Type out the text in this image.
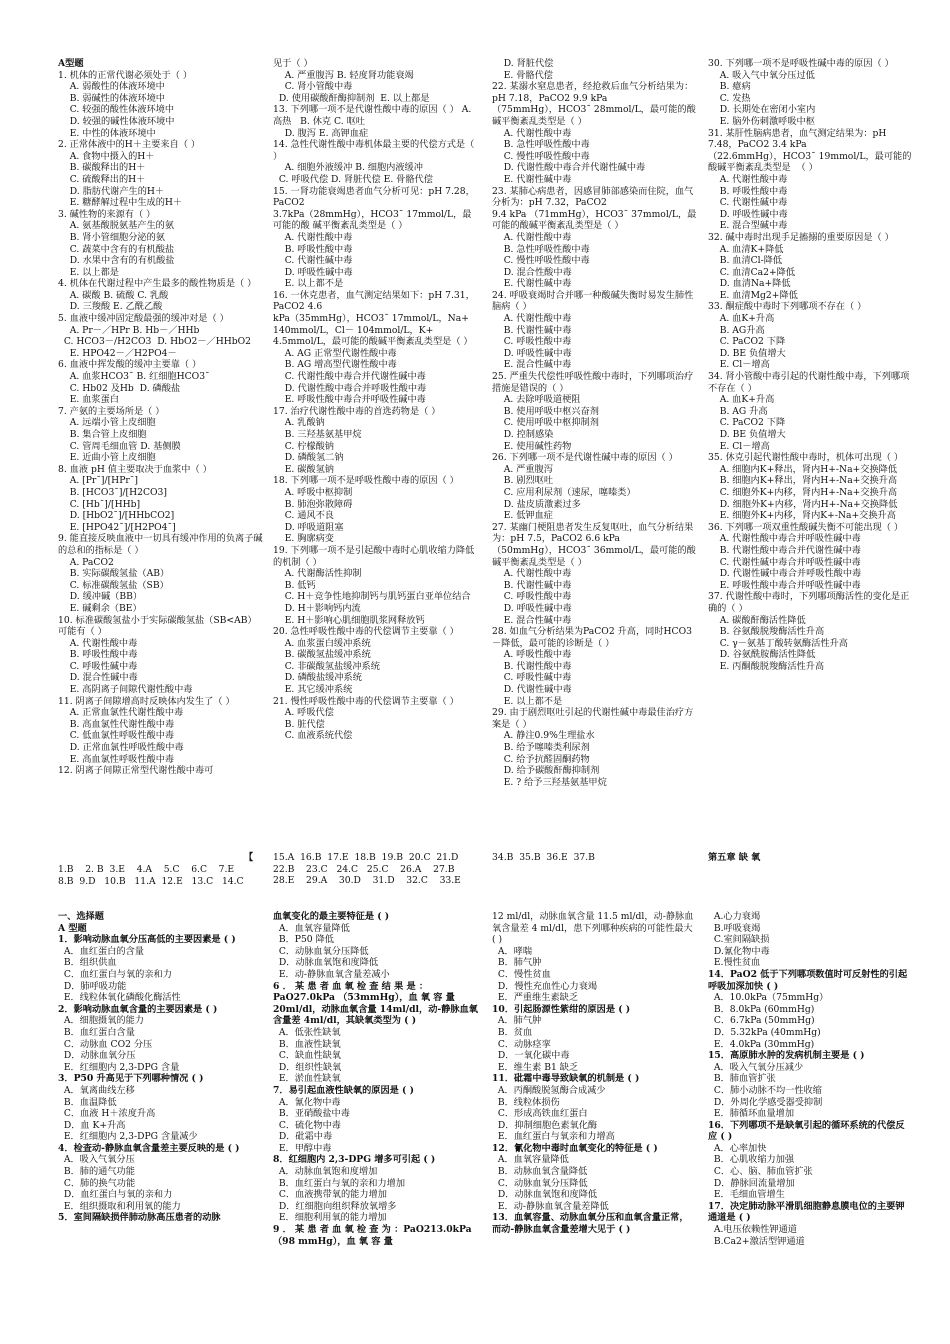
A型题
1. 机体的正常代谢必须处于（ ）
A. 弱酸性的体液环境中
B. 弱碱性的体液环境中
C. 较强的酸性体液环境中
D. 较强的碱性体液环境中
E. 中性的体液环境中
2. 正常体液中的H＋主要来自（ ）
A. 食物中摄入的H＋
B. 碳酸释出的H＋
C. 硫酸释出的H＋
D. 脂肪代谢产生的H＋
E. 糖酵解过程中生成的H＋
3. 碱性物的来源有（ ）
A. 氨基酸脱氨基产生的氨
B. 肾小管细胞分泌的氨
C. 蔬菜中含有的有机酸盐
D. 水果中含有的有机酸盐
E. 以上都是
4. 机体在代谢过程中产生最多的酸性物质是（ ）
A. 碳酸 B. 硫酸 C. 乳酸
D. 三羧酸 E. 乙酰乙酸
5. 血液中缓冲固定酸最强的缓冲对是（ ）
A. Pr－／HPr B. Hb－／HHb
C. HCO3－/H2CO3  D. HbO2－／HHbO2
E. HPO42－／H2PO4－
6. 血液中挥发酸的缓冲主要靠（ ）
A. 血浆HCO3ˉ B. 红细胞HCO3ˉ
C. Hb02 及Hb  D. 磷酸盐
E. 血浆蛋白
7. 产氨的主要场所是（ ）
A. 远端小管上皮细胞
B. 集合管上皮细胞
C. 管周毛细血管 D. 基侧膜
E. 近曲小管上皮细胞
8. 血液 pH 值主要取决于血浆中（ ）
A. [Prˉ]/[HPrˉ]
B. [HCO3ˉ]/[H2CO3]
C. [Hbˉ]/[HHb]
D. [HbO2ˉ]/[HHbCO2]
E. [HPO42ˉ]/[H2PO4ˉ]
9. 能直接反映血液中一切具有缓冲作用的负离子碱的总和的指标是（ ）
A. PaCO2
B. 实际碳酸氢盐（AB）
C. 标准碳酸氢盐（SB）
D. 缓冲碱（BB）
E. 碱剩余（BE）
10. 标准碳酸氢盐小于实际碳酸氢盐（SB<AB）可能有（ ）
A. 代谢性酸中毒
B. 呼吸性酸中毒
C. 呼吸性碱中毒
D. 混合性碱中毒
E. 高阴离子间隙代谢性酸中毒
11. 阴离子间隙增高时反映体内发生了（ ）
A. 正常血氯性代谢性酸中毒
B. 高血氯性代谢性酸中毒
C. 低血氯性呼吸性酸中毒
D. 正常血氯性呼吸性酸中毒
E. 高血氯性呼吸性酸中毒
12. 阴离子间隙正常型代谢性酸中毒可
见于（ ）
A. 严重腹泻 B. 轻度肾功能衰竭
C. 肾小管酸中毒
D. 使用碳酸酐酶抑制剂  E. 以上都是
13. 下列哪一项不是代谢性酸中毒的原因（ ） A. 高热   B. 休克 C. 呕吐
D. 腹泻 E. 高钾血症
14. 急性代谢性酸中毒机体最主要的代偿方式是（ ）
A. 细胞外液缓冲 B. 细胞内液缓冲
C. 呼吸代偿 D. 肾脏代偿 E. 骨骼代偿
15. 一肾功能衰竭患者血气分析可见：pH 7.28，PaCO2
3.7kPa（28mmHg），HCO3ˉ 17mmol/L，最可能的酸 碱平衡紊乱类型是（ ）
A. 代谢性酸中毒
B. 呼吸性酸中毒
C. 代谢性碱中毒
D. 呼吸性碱中毒
E. 以上都不是
16. 一休克患者，血气测定结果如下：pH 7.31，PaCO2 4.6
kPa（35mmHg），HCO3ˉ 17mmol/L，Na+ 140mmol/L，Cl－ 104mmol/L，K+
4.5mmol/L，最可能的酸碱平衡紊乱类型是（ ）
A. AG 正常型代谢性酸中毒
B. AG 增高型代谢性酸中毒
C. 代谢性酸中毒合并代谢性碱中毒
D. 代谢性酸中毒合并呼吸性酸中毒
E. 呼吸性酸中毒合并呼吸性碱中毒
17. 治疗代谢性酸中毒的首选药物是（ ）
A. 乳酸钠
B. 三羟基氨基甲烷
C. 柠檬酸钠
D. 磷酸氢二钠
E. 碳酸氢钠
18. 下列哪一项不是呼吸性酸中毒的原因（ ）
A. 呼吸中枢抑制
B. 肺泡弥散障碍
C. 通风不良
D. 呼吸道阻塞
E. 胸廓病变
19. 下列哪一项不是引起酸中毒时心肌收缩力降低的机制（ ）
A. 代谢酶活性抑制
B. 低钙
C. H＋竞争性地抑制钙与肌钙蛋白亚单位结合
D. H＋影响钙内流
E. H＋影响心肌细胞肌浆网释放钙
20. 急性呼吸性酸中毒的代偿调节主要靠（ ）
A. 血浆蛋白缓冲系统
B. 碳酸氢盐缓冲系统
C. 非碳酸氢盐缓冲系统
D. 磷酸盐缓冲系统
E. 其它缓冲系统
21. 慢性呼吸性酸中毒的代偿调节主要靠（ ）
A. 呼吸代偿
B. 脏代偿
C. 血液系统代偿
D. 肾脏代偿
E. 骨骼代偿
22. 某溺水窒息患者，经抢救后血气分析结果为：pH 7.18，PaCO2 9.9 kPa
（75mmHg），HCO3ˉ 28mmol/L，最可能的酸碱平衡紊乱类型是（ ）
A. 代谢性酸中毒
B. 急性呼吸性酸中毒
C. 慢性呼吸性酸中毒
D. 代谢性酸中毒合并代谢性碱中毒
E. 代谢性碱中毒
23. 某肺心病患者，因感冒肺部感染而住院，血气分析为：pH 7.32，PaCO2
9.4 kPa （71mmHg），HCO3ˉ 37mmol/L，最可能的酸碱平衡紊乱类型是（ ）
A. 代谢性酸中毒
B. 急性呼吸性酸中毒
C. 慢性呼吸性酸中毒
D. 混合性酸中毒
E. 代谢性碱中毒
24. 呼吸衰竭时合并哪一种酸碱失衡时易发生肺性脑病（ ）
A. 代谢性酸中毒
B. 代谢性碱中毒
C. 呼吸性酸中毒
D. 呼吸性碱中毒
E. 混合性碱中毒
25. 严重失代偿性呼吸性酸中毒时，下列哪项治疗措施是错误的（ ）
A. 去除呼吸道梗阻
B. 使用呼吸中枢兴奋剂
C. 使用呼吸中枢抑制剂
D. 控制感染
E. 使用碱性药物
26. 下列哪一项不是代谢性碱中毒的原因（ ）
A. 严重腹泻
B. 剧烈呕吐
C. 应用利尿剂（速尿，噻嗪类）
D. 盐皮质激素过多
E. 低钾血症
27. 某幽门梗阻患者发生反复呕吐，血气分析结果为：pH 7.5，PaCO2 6.6 kPa
（50mmHg），HCO3ˉ 36mmol/L，最可能的酸碱平衡紊乱类型是（ ）
A. 代谢性酸中毒
B. 代谢性碱中毒
C. 呼吸性酸中毒
D. 呼吸性碱中毒
E. 混合性碱中毒
28. 如血气分析结果为PaCO2 升高，同时HCO3－降低，最可能的诊断是（ ）
A. 呼吸性酸中毒
B. 代谢性酸中毒
C. 呼吸性碱中毒
D. 代谢性碱中毒
E. 以上都不是
29. 由于剧烈呕吐引起的代谢性碱中毒最佳治疗方案是（ ）
A. 静注0.9%生理盐水
B. 给予噻嗪类利尿剂
C. 给予抗醛固酮药物
D. 给予碳酸酐酶抑制剂
E. ? 给予三羟基氨基甲烷
30. 下列哪一项不是呼吸性碱中毒的原因（ ）
A. 吸入气中氧分压过低
B. 癔病
C. 发热
D. 长期处在密闭小室内
E. 脑外伤刺激呼吸中枢
31. 某肝性脑病患者，血气测定结果为：pH 7.48，PaCO2 3.4 kPa
（22.6mmHg），HCO3ˉ 19mmol/L，最可能的酸碱平衡紊乱类型是  （ ）
A. 代谢性酸中毒
B. 呼吸性酸中毒
C. 代谢性碱中毒
D. 呼吸性碱中毒
E. 混合型碱中毒
32. 碱中毒时出现手足搐搦的重要原因是（ ）
A. 血清K+降低
B. 血清Cl-降低
C. 血清Ca2+降低
D. 血清Na+降低
E. 血清Mg2+降低
33. 酮症酸中毒时下列哪项不存在（ ）
A. 血K+升高
B. AG升高
C. PaCO2 下降
D. BE 负值增大
E. Cl－增高
34. 肾小管酸中毒引起的代谢性酸中毒，下列哪项不存在（ ）
A. 血K+升高
B. AG 升高
C. PaCO2 下降
D. BE 负值增大
E. Cl－增高
35. 休克引起代谢性酸中毒时，机体可出现（ ）
A. 细胞内K+释出，肾内H+-Na+交换降低
B. 细胞内K+释出，肾内H+-Na+交换升高
C. 细胞外K+内移，肾内H+-Na+交换升高
D. 细胞外K+内移，肾内H+-Na+交换降低
E. 细胞外K+内移，肾内K+-Na+交换升高
36. 下列哪一项双重性酸碱失衡不可能出现（ ）
A. 代谢性酸中毒合并呼吸性碱中毒
B. 代谢性酸中毒合并代谢性碱中毒
C. 代谢性碱中毒合并呼吸性碱中毒
D. 代谢性碱中毒合并呼吸性酸中毒
E. 呼吸性酸中毒合并呼吸性碱中毒
37. 代谢性酸中毒时，下列哪项酶活性的变化是正确的（ ）
A. 碳酸酐酶活性降低
B. 谷氨酸脱羧酶活性升高
C. γ－氨基丁酸转氨酶活性升高
D. 谷氨酰胺酶活性降低
E. 丙酮酸脱羧酶活性升高
【
1.B    2. B  3.E    4.A    5.C    6.C    7.E
8.B  9.D   10.B   11.A  12.E   13.C   14.C
15.A  16.B  17.E  18.B  19.B  20.C  21.D
22.B    23.C   24.C   25.C    26.A    27.B
28.E    29.A    30.D    31.D    32.C    33.E
34.B  35.B  36.E  37.B	第五章 缺 氧
一、选择题
A 型题
1．影响动脉血氧分压高低的主要因素是 ( )
A．血红蛋白的含量
B．组织供血
C．血红蛋白与氧的亲和力
D．肺呼吸功能
E．线粒体氧化磷酸化酶活性
2．影响动脉血氧含量的主要因素是 ( )
A．细胞摄氧的能力
B．血红蛋白含量
C．动脉血 CO2 分压
D．动脉血氧分压
E．红细胞内 2,3-DPG 含量
3．P50 升高见于下列哪种情况 ( )
A．氧离曲线左移
B．血温降低
C．血液 H＋浓度升高
D．血 K+升高
E．红细胞内 2,3-DPG 含量减少
4．检查动-静脉血氧含量差主要反映的是 ( )
A．吸入气氧分压
B．肺的通气功能
C．肺的换气功能
D．血红蛋白与氧的亲和力
E．组织摄取和利用氧的能力
5．室间隔缺损伴肺动脉高压患者的动脉
血氧变化的最主要特征是 ( )
A．血氧容量降低
B．P50 降低
C．动脉血氧分压降低
D．动脉血氧饱和度降低
E．动-静脉血氧含量差减小
6 ． 某 患 者 血 氧 检 查 结 果 是 ：PaO27.0kPa （53mmHg），血 氧 容 量 20ml/dl，动脉血氧含量 14ml/dl，动-静脉血氧含量差 4ml/dl，其缺氧类型为 ( )
A．低张性缺氧
B．血液性缺氧
C．缺血性缺氧
D．组织性缺氧
E．淤血性缺氧
7．易引起血液性缺氧的原因是 ( )
A．氰化物中毒
B．亚硝酸盐中毒
C．硫化物中毒
D．砒霜中毒
E．甲醇中毒
8．红细胞内 2,3-DPG 增多可引起 ( )
A．动脉血氧饱和度增加
B．血红蛋白与氧的亲和力增加
C．血液携带氧的能力增加
D．红细胞向组织释放氧增多
E．细胞利用氧的能力增加
9 ． 某 患 者 血 氧 检 查 为 ：PaO213.0kPa（98 mmHg），血 氧 容 量
12 ml/dl，动脉血氧含量 11.5 ml/dl，动-静脉血氧含量差 4 ml/dl，患下列哪种疾病的可能性最大 ( )
A．哮喘
B．肺气肿
C．慢性贫血
D．慢性充血性心力衰竭
E．严重维生素缺乏
10．引起肠源性紫绀的原因是 ( )
A．肺气肿
B．贫血
C．动脉痉挛
D．一氧化碳中毒
E．维生素 B1 缺乏
11．砒霜中毒导致缺氧的机制是 ( )
A．丙酮酸脱氢酶合成减少
B．线粒体损伤
C．形成高铁血红蛋白
D．抑制细胞色素氧化酶
E．血红蛋白与氧亲和力增高
12．氰化物中毒时血氧变化的特征是 ( )
A．血氧容量降低
B．动脉血氧含量降低
C．动脉血氧分压降低
D．动脉血氧饱和度降低
E．动-静脉血氧含量差降低
13．血氧容量、动脉血氧分压和血氧含量正常，而动-静脉血氧含量差增大见于 ( )
A.心力衰竭
B.呼吸衰竭
C.室间隔缺损
D.氰化物中毒
E.慢性贫血
14．PaO2 低于下列哪项数值时可反射性的引起呼吸加深加快 ( )
A．10.0kPa（75mmHg）
B．8.0kPa (60mmHg)
C．6.7kPa (50mmHg)
D．5.32kPa (40mmHg)
E．4.0kPa (30mmHg)
15．高原肺水肿的发病机制主要是 ( )
A．吸入气氧分压减少
B．肺血管扩张
C．肺小动脉不均一性收缩
D．外周化学感受器受抑制
E．肺循环血量增加
16．下列哪项不是缺氧引起的循环系统的代偿反应 ( )
A．心率加快
B．心肌收缩力加强
C．心、脑、肺血管扩张
D．静脉回流量增加
E．毛细血管增生
17．决定肺动脉平滑肌细胞静息膜电位的主要钾通道是 ( )
A.电压依赖性钾通道
B.Ca2+激活型钾通道
